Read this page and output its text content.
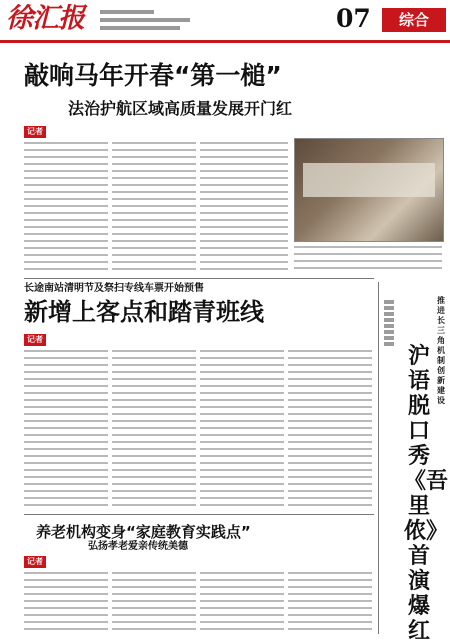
徐汇报	07	综合
敲响马年开春“第一槌”
法治护航区域高质量发展开门红
记者
长途南站清明节及祭扫专线车票开始预售
新增上客点和踏青班线
记者
养老机构变身“家庭教育实践点”
弘扬孝老爱亲传统美德
记者
推进长三角机制创新建设
沪语脱口秀《吾里侬》首演爆红
